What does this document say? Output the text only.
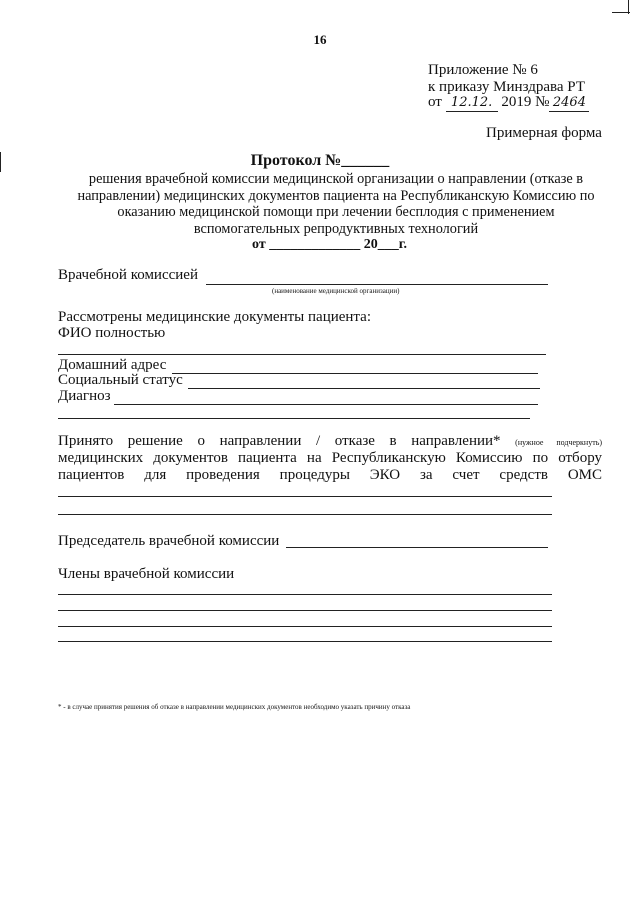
16
Приложение № 6
к приказу Минздрава РТ
от 12.12. 2019 № 2464
Примерная форма
Протокол №______
решения врачебной комиссии медицинской организации о направлении (отказе в
направлении) медицинских документов пациента на Республиканскую Комиссию по
оказанию медицинской помощи при лечении бесплодия с применением
вспомогательных репродуктивных технологий
от _____________ 20___г.
Врачебной комиссией
(наименование медицинской организации)
Рассмотрены медицинские документы пациента:
ФИО полностью
Домашний адрес
Социальный статус
Диагноз
Принято решение о направлении / отказе в направлении* (нужное подчеркнуть)
медицинских документов пациента на Республиканскую Комиссию по отбору
пациентов для проведения процедуры ЭКО за счет средств ОМС
Председатель врачебной комиссии
Члены врачебной комиссии
* - в случае принятия решения об отказе в направлении медицинских документов необходимо указать причину отказа
